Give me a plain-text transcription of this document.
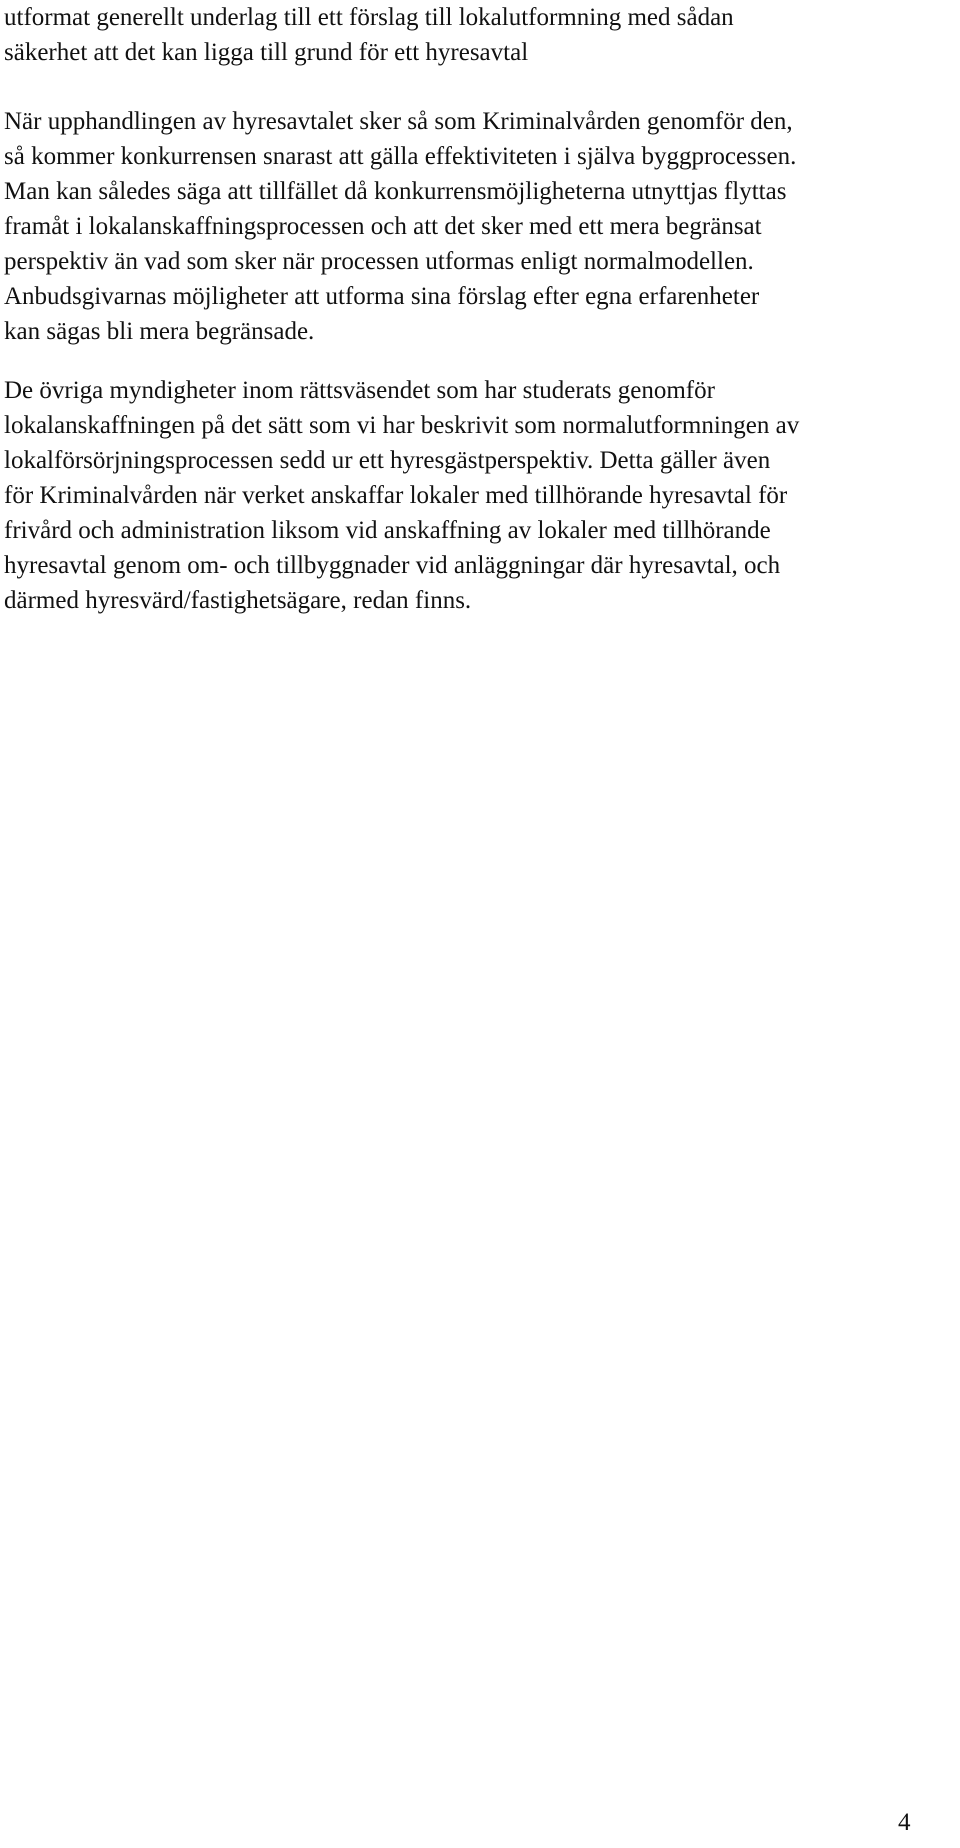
utformat generellt underlag till ett förslag till lokalutformning med sådan
säkerhet att det kan ligga till grund för ett hyresavtal

När upphandlingen av hyresavtalet sker så som Kriminalvården genomför den,
så kommer konkurrensen snarast att gälla effektiviteten i själva byggprocessen.
Man kan således säga att tillfället då konkurrensmöjligheterna utnyttjas flyttas
framåt i lokalanskaffningsprocessen och att det sker med ett mera begränsat
perspektiv än vad som sker när processen utformas enligt normalmodellen.
Anbudsgivarnas möjligheter att utforma sina förslag efter egna erfarenheter
kan sägas bli mera begränsade.

De övriga myndigheter inom rättsväsendet som har studerats genomför
lokalanskaffningen på det sätt som vi har beskrivit som normalutformningen av
lokalförsörjningsprocessen sedd ur ett hyresgästperspektiv. Detta gäller även
för Kriminalvården när verket anskaffar lokaler med tillhörande hyresavtal för
frivård och administration liksom vid anskaffning av lokaler med tillhörande
hyresavtal genom om- och tillbyggnader vid anläggningar där hyresavtal, och
därmed hyresvärd/fastighetsägare, redan finns.

4
